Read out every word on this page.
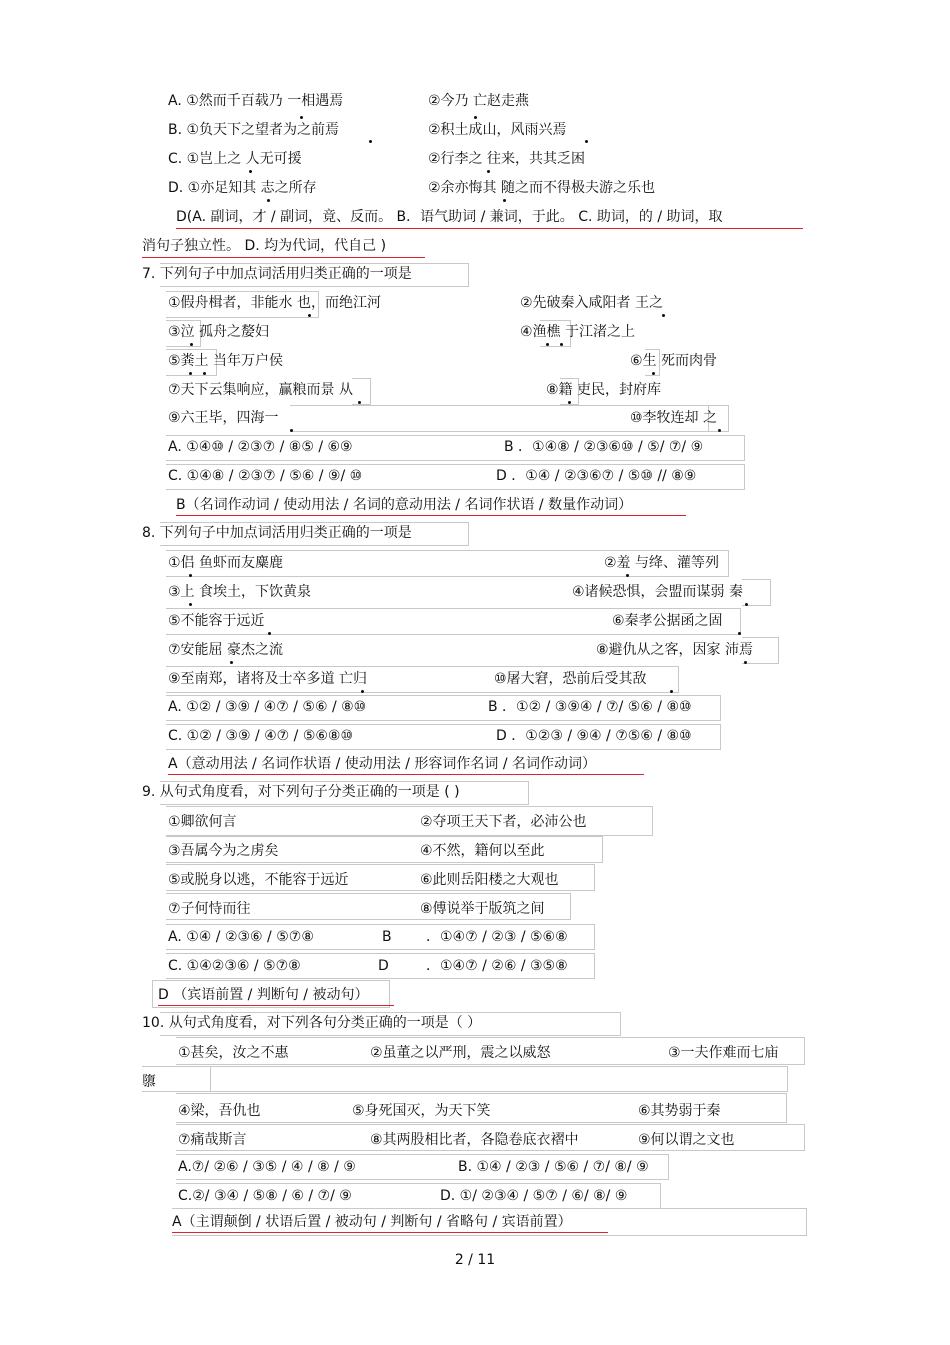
A. ①然而千百载乃 一相遇焉	②今乃 亡赵走燕
B. ①负天下之望者为之前焉	②积土成山，风雨兴焉
C. ①岂上之 人无可援	②行李之 往来，共其乏困
D. ①亦足知其 志之所存	②余亦悔其 随之而不得极夫游之乐也
D(A. 副词，才 / 副词，竟、反而。 B．语气助词 / 兼词，于此。 C. 助词，的 / 助词，取
消句子独立性。 D. 均为代词，代自己 )
7. 下列句子中加点词活用归类正确的一项是
①假舟楫者，非能水 也，而绝江河	②先破秦入咸阳者 王之
③泣 孤舟之嫠妇	④渔樵 于江渚之上
⑤粪土 当年万户侯	⑥生 死而肉骨
⑦天下云集响应，赢粮而景 从	⑧籍 吏民，封府库
⑨六王毕，四海一	⑩李牧连却 之
A. ①④⑩ / ②③⑦ / ⑧⑤ / ⑥⑨	B ．①④⑧ / ②③⑥⑩ / ⑤/ ⑦/ ⑨
C. ①④⑧ / ②③⑦ / ⑤⑥ / ⑨/ ⑩	D ．①④ / ②③⑥⑦ / ⑤⑩ // ⑧⑨
B（名词作动词 / 使动用法 / 名词的意动用法 / 名词作状语 / 数量作动词）
8. 下列句子中加点词活用归类正确的一项是
①侣 鱼虾而友麋鹿	②羞 与绛、灌等列
③上 食埃土，下饮黄泉	④诸候恐惧，会盟而谋弱 秦
⑤不能容于远近	⑥秦孝公据函之固
⑦安能屈 豪杰之流	⑧避仇从之客，因家 沛焉
⑨至南郑，诸将及士卒多道 亡归	⑩屠大窘，恐前后受其敌
A. ①② / ③⑨ / ④⑦ / ⑤⑥ / ⑧⑩	B ．①② / ③⑨④ / ⑦/ ⑤⑥ / ⑧⑩
C. ①② / ③⑨ / ④⑦ / ⑤⑥⑧⑩	D ．①②③ / ⑨④ / ⑦⑤⑥ / ⑧⑩
A（意动用法 / 名词作状语 / 使动用法 / 形容词作名词 / 名词作动词）
9. 从句式角度看，对下列句子分类正确的一项是 ( )
①卿欲何言	②夺项王天下者，必沛公也
③吾属今为之虏矣	④不然，籍何以至此
⑤或脱身以逃，不能容于远近	⑥此则岳阳楼之大观也
⑦子何恃而往	⑧傅说举于版筑之间
A. ①④ / ②③⑥ / ⑤⑦⑧	B ．①④⑦ / ②③ / ⑤⑥⑧
C. ①④②③⑥ / ⑤⑦⑧	D	．①④⑦ / ②⑥ / ③⑤⑧
D （宾语前置 / 判断句 / 被动句）
10. 从句式角度看，对下列各句分类正确的一项是（ ）
①甚矣，汝之不惠	②虽董之以严刑，震之以威怒	③一夫作难而七庙
隳
④梁，吾仇也	⑤身死国灭，为天下笑	⑥其势弱于秦
⑦痛哉斯言	⑧其两股相比者，各隐卷底衣褶中	⑨何以谓之文也
A.⑦/ ②⑥ / ③⑤ / ④ / ⑧ / ⑨	B. ①④ / ②③ / ⑤⑥ / ⑦/ ⑧/ ⑨
C.②/ ③④ / ⑤⑧ / ⑥ / ⑦/ ⑨	D. ①/ ②③④ / ⑤⑦ / ⑥/ ⑧/ ⑨
A（主谓颠倒 / 状语后置 / 被动句 / 判断句 / 省略句 / 宾语前置）
2 / 11
